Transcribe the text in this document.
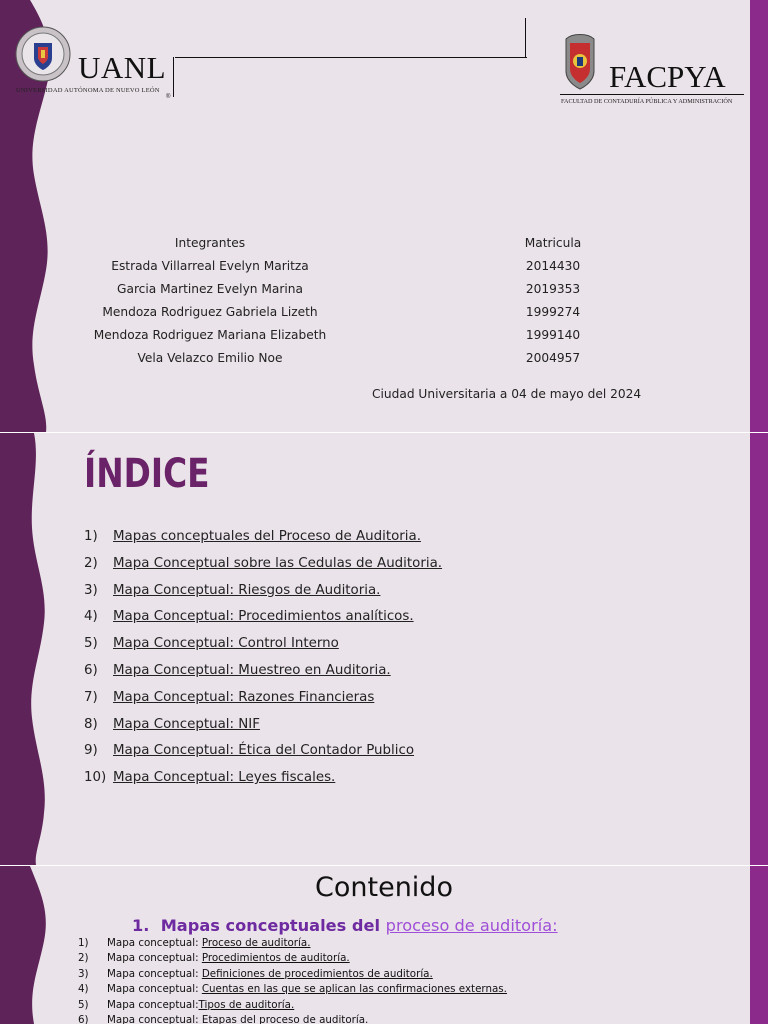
UANL
UNIVERSIDAD AUTÓNOMA DE NUEVO LEÓN
®
FACPYA
FACULTAD DE CONTADURÍA PÚBLICA Y ADMINISTRACIÓN
Integrantes
Estrada Villarreal Evelyn Maritza
Garcia Martinez Evelyn Marina
Mendoza Rodriguez Gabriela Lizeth
Mendoza Rodriguez Mariana Elizabeth
Vela Velazco Emilio Noe
Matricula
2014430
2019353
1999274
1999140
2004957
Ciudad Universitaria a 04 de mayo del 2024
ÍNDICE
1) Mapas conceptuales del Proceso de Auditoria.
2) Mapa Conceptual sobre las Cedulas de Auditoria.
3) Mapa Conceptual: Riesgos de Auditoria.
4) Mapa Conceptual: Procedimientos analíticos.
5) Mapa Conceptual: Control Interno
6) Mapa Conceptual: Muestreo en Auditoria.
7) Mapa Conceptual: Razones Financieras
8) Mapa Conceptual: NIF
9) Mapa Conceptual: Ética del Contador Publico
10) Mapa Conceptual: Leyes fiscales.
Contenido
1. Mapas conceptuales del proceso de auditoría:
1) Mapa conceptual: Proceso de auditoría.
2) Mapa conceptual: Procedimientos de auditoría.
3) Mapa conceptual: Definiciones de procedimientos de auditoría.
4) Mapa conceptual: Cuentas en las que se aplican las confirmaciones externas.
5) Mapa conceptual:Tipos de auditoría.
6) Mapa conceptual: Etapas del proceso de auditoría.
